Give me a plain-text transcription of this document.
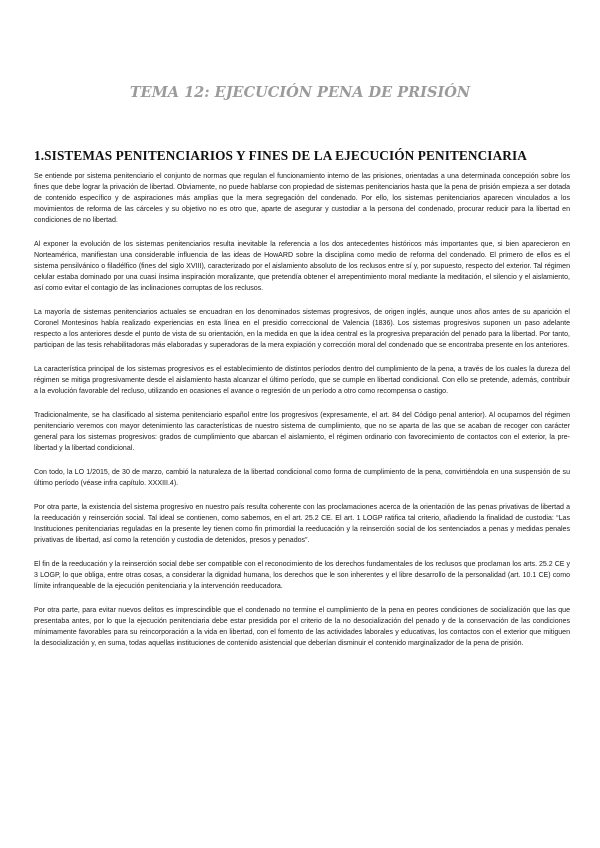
TEMA 12: EJECUCIÓN PENA DE PRISIÓN
1.SISTEMAS PENITENCIARIOS Y FINES DE LA EJECUCIÓN PENITENCIARIA

Se entiende por sistema penitenciario el conjunto de normas que regulan el funcionamiento interno de las prisiones, orientadas a una determinada concepción sobre los fines que debe lograr la privación de libertad. Obviamente, no puede hablarse con propiedad de sistemas penitenciarios hasta que la pena de prisión empieza a ser dotada de contenido específico y de aspiraciones más amplias que la mera segregación del condenado. Por ello, los sistemas penitenciarios aparecen vinculados a los movimientos de reforma de las cárceles y su objetivo no es otro que, aparte de asegurar y custodiar a la persona del condenado, procurar reducir para la libertad en condiciones de no libertad.

Al exponer la evolución de los sistemas penitenciarios resulta inevitable la referencia a los dos antecedentes históricos más importantes que, si bien aparecieron en Norteamérica, manifiestan una considerable influencia de las ideas de HowARD sobre la disciplina como medio de reforma del condenado. El primero de ellos es el sistema pensilvánico o filadélfico (fines del siglo XVIII), caracterizado por el aislamiento absoluto de los reclusos entre sí y, por supuesto, respecto del exterior. Tal régimen celular estaba dominado por una cuasi ínsima inspiración moralizante, que pretendía obtener el arrepentimiento moral mediante la meditación, el silencio y el aislamiento, así como evitar el contagio de las inclinaciones corruptas de los reclusos.

La mayoría de sistemas penitenciarios actuales se encuadran en los denominados sistemas progresivos, de origen inglés, aunque unos años antes de su aparición el Coronel Montesinos había realizado experiencias en esta línea en el presidio correccional de Valencia (1836). Los sistemas progresivos suponen un paso adelante respecto a los anteriores desde el punto de vista de su orientación, en la medida en que la idea central es la progresiva preparación del penado para la libertad. Por tanto, participan de las tesis rehabilitadoras más elaboradas y superadoras de la mera expiación y corrección moral del condenado que se encontraba presente en los anteriores.

La característica principal de los sistemas progresivos es el establecimiento de distintos períodos dentro del cumplimiento de la pena, a través de los cuales la dureza del régimen se mitiga progresivamente desde el aislamiento hasta alcanzar el último período, que se cumple en libertad condicional. Con ello se pretende, además, contribuir a la evolución favorable del recluso, utilizando en ocasiones el avance o regresión de un período a otro como recompensa o castigo.

Tradicionalmente, se ha clasificado al sistema penitenciario español entre los progresivos (expresamente, el art. 84 del Código penal anterior). Al ocuparnos del régimen penitenciario veremos con mayor detenimiento las características de nuestro sistema de cumplimiento, que no se aparta de las que se acaban de recoger con carácter general para los sistemas progresivos: grados de cumplimiento que abarcan el aislamiento, el régimen ordinario con favorecimiento de contactos con el exterior, la pre-libertad y la libertad condicional.

Con todo, la LO 1/2015, de 30 de marzo, cambió la naturaleza de la libertad condicional como forma de cumplimiento de la pena, convirtiéndola en una suspensión de su último período (véase infra capítulo. XXXIII.4).

Por otra parte, la existencia del sistema progresivo en nuestro país resulta coherente con las proclamaciones acerca de la orientación de las penas privativas de libertad a la reeducación y reinserción social. Tal ideal se contienen, como sabemos, en el art. 25.2 CE. El art. 1 LOGP ratifica tal criterio, añadiendo la finalidad de custodia: “Las Instituciones penitenciarias reguladas en la presente ley tienen como fin primordial la reeducación y la reinserción social de los sentenciados a penas y medidas penales privativas de libertad, así como la retención y custodia de detenidos, presos y penados”.

El fin de la reeducación y la reinserción social debe ser compatible con el reconocimiento de los derechos fundamentales de los reclusos que proclaman los arts. 25.2 CE y 3 LOGP, lo que obliga, entre otras cosas, a considerar la dignidad humana, los derechos que le son inherentes y el libre desarrollo de la personalidad (art. 10.1 CE) como límite infranqueable de la ejecución penitenciaria y la intervención reeducadora.

Por otra parte, para evitar nuevos delitos es imprescindible que el condenado no termine el cumplimiento de la pena en peores condiciones de socialización que las que presentaba antes, por lo que la ejecución penitenciaria debe estar presidida por el criterio de la no desocialización del penado y de la conservación de las condiciones mínimamente favorables para su reincorporación a la vida en libertad, con el fomento de las actividades laborales y educativas, los contactos con el exterior que mitiguen la desocialización y, en suma, todas aquellas instituciones de contenido asistencial que deberían disminuir el contenido marginalizador de la pena de prisión.
